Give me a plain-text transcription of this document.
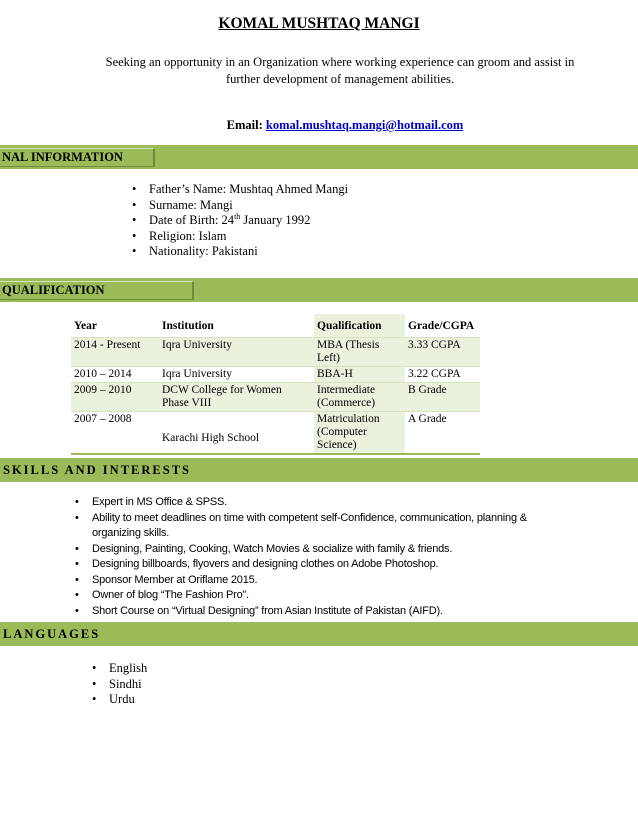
KOMAL MUSHTAQ MANGI
Seeking an opportunity in an Organization where working experience can groom and assist in further development of management abilities.
Email: komal.mushtaq.mangi@hotmail.com
NAL INFORMATION
• Father’s Name: Mushtaq Ahmed Mangi
• Surname: Mangi
• Date of Birth: 24th January 1992
• Religion: Islam
• Nationality: Pakistani
QUALIFICATION
Year	Institution	Qualification	Grade/CGPA
2014 - Present	Iqra University	MBA (Thesis Left)	3.33 CGPA
2010 – 2014	Iqra University	BBA-H	3.22 CGPA
2009 – 2010	DCW College for Women Phase VIII	Intermediate (Commerce)	B Grade
2007 – 2008	Karachi High School	Matriculation (Computer Science)	A Grade
SKILLS AND INTERESTS
• Expert in MS Office & SPSS.
• Ability to meet deadlines on time with competent self-Confidence, communication, planning & organizing skills.
• Designing, Painting, Cooking, Watch Movies & socialize with family & friends.
• Designing billboards, flyovers and designing clothes on Adobe Photoshop.
• Sponsor Member at Oriflame 2015.
• Owner of blog “The Fashion Pro”.
• Short Course on “Virtual Designing” from Asian Institute of Pakistan (AIFD).
LANGUAGES
• English
• Sindhi
• Urdu
